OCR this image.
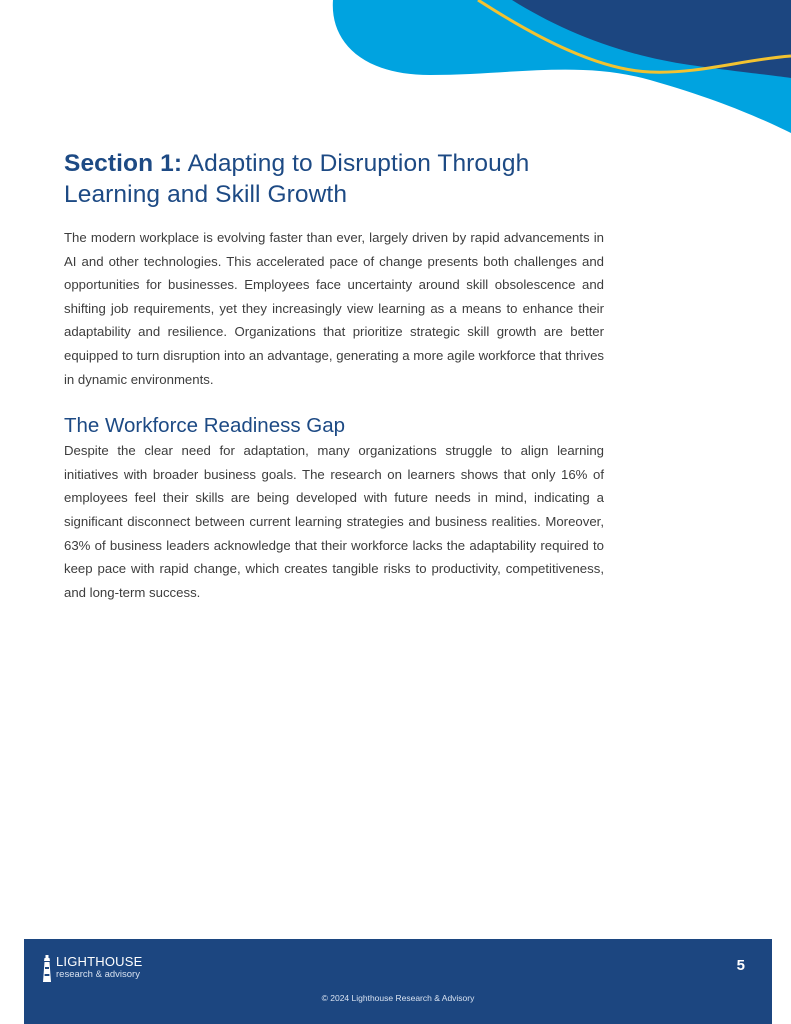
Section 1: Adapting to Disruption Through Learning and Skill Growth

The modern workplace is evolving faster than ever, largely driven by rapid advancements in AI and other technologies. This accelerated pace of change presents both challenges and opportunities for businesses. Employees face uncertainty around skill obsolescence and shifting job requirements, yet they increasingly view learning as a means to enhance their adaptability and resilience. Organizations that prioritize strategic skill growth are better equipped to turn disruption into an advantage, generating a more agile workforce that thrives in dynamic environments.

The Workforce Readiness Gap

Despite the clear need for adaptation, many organizations struggle to align learning initiatives with broader business goals. The research on learners shows that only 16% of employees feel their skills are being developed with future needs in mind, indicating a significant disconnect between current learning strategies and business realities. Moreover, 63% of business leaders acknowledge that their workforce lacks the adaptability required to keep pace with rapid change, which creates tangible risks to productivity, competitiveness, and long-term success.

LIGHTHOUSE
research & advisory
5
© 2024 Lighthouse Research & Advisory
